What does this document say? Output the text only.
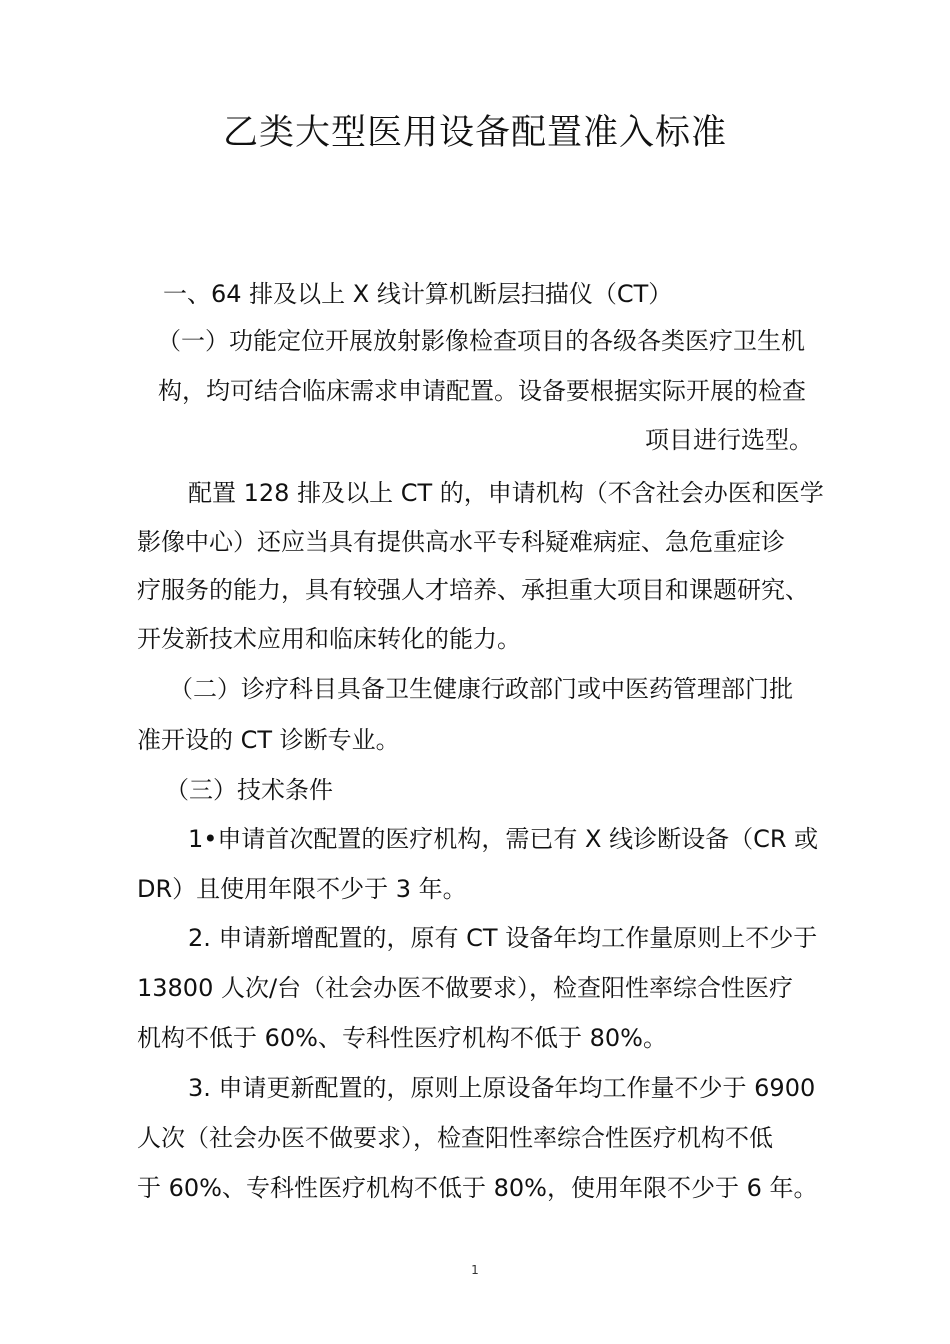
乙类大型医用设备配置准入标准
一、64 排及以上 X 线计算机断层扫描仪（CT）
（一）功能定位开展放射影像检查项目的各级各类医疗卫生机
构，均可结合临床需求申请配置。设备要根据实际开展的检查
项目进行选型。
配置 128 排及以上 CT 的，申请机构（不含社会办医和医学
影像中心）还应当具有提供高水平专科疑难病症、急危重症诊
疗服务的能力，具有较强人才培养、承担重大项目和课题研究、
开发新技术应用和临床转化的能力。
（二）诊疗科目具备卫生健康行政部门或中医药管理部门批
准开设的 CT 诊断专业。
（三）技术条件
1•申请首次配置的医疗机构，需已有 X 线诊断设备（CR 或
DR）且使用年限不少于 3 年。
2. 申请新增配置的，原有 CT 设备年均工作量原则上不少于
13800 人次/台（社会办医不做要求），检查阳性率综合性医疗
机构不低于 60%、专科性医疗机构不低于 80%。
3. 申请更新配置的，原则上原设备年均工作量不少于 6900
人次（社会办医不做要求），检查阳性率综合性医疗机构不低
于 60%、专科性医疗机构不低于 80%，使用年限不少于 6 年。
1
